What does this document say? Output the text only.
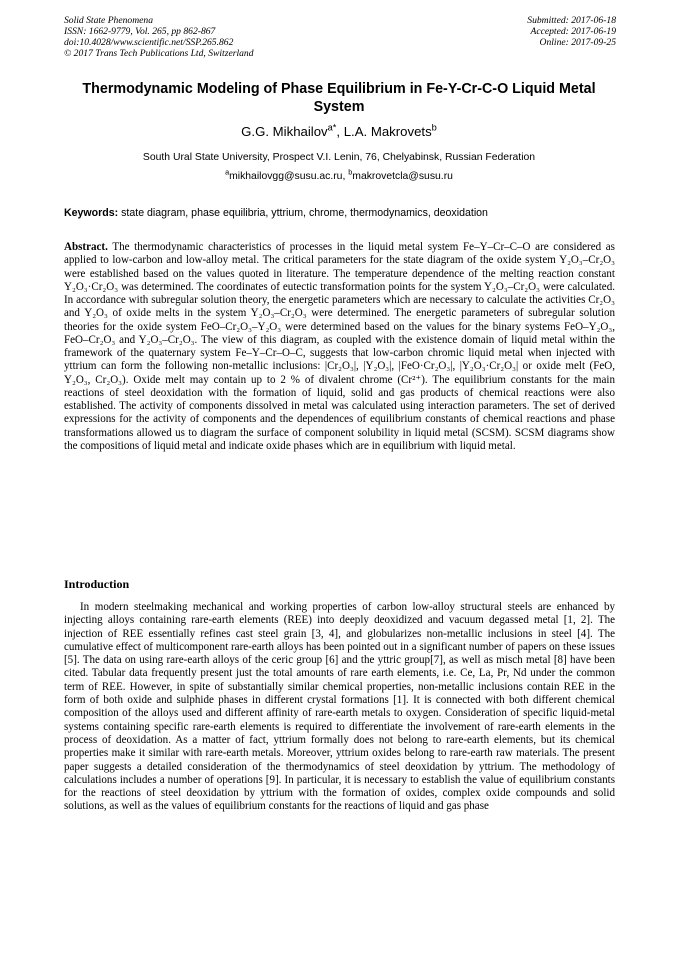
Solid State Phenomena
ISSN: 1662-9779, Vol. 265, pp 862-867
doi:10.4028/www.scientific.net/SSP.265.862
© 2017 Trans Tech Publications Ltd, Switzerland
Submitted: 2017-06-18
Accepted: 2017-06-19
Online: 2017-09-25
Thermodynamic Modeling of Phase Equilibrium in Fe-Y-Cr-C-O Liquid Metal System
G.G. Mikhailov$^{a*}$, L.A. Makrovets$^b$
South Ural State University, Prospect V.I. Lenin, 76, Chelyabinsk, Russian Federation
$^a$mikhailovgg@susu.ac.ru, $^b$makrovetcla@susu.ru
Keywords: state diagram, phase equilibria, yttrium, chrome, thermodynamics, deoxidation

Abstract. The thermodynamic characteristics of processes in the liquid metal system Fe–Y–Cr–C–O are considered as applied to low-carbon and low-alloy metal. The critical parameters for the state diagram of the oxide system Y₂O₃–Cr₂O₃ were established based on the values quoted in literature. The temperature dependence of the melting reaction constant Y₂O₃·Cr₂O₃ was determined. The coordinates of eutectic transformation points for the system Y₂O₃–Cr₂O₃ were calculated. In accordance with subregular solution theory, the energetic parameters which are necessary to calculate the activities Cr₂O₃ and Y₂O₃ of oxide melts in the system Y₂O₃–Cr₂O₃ were determined. The energetic parameters of subregular solution theories for the oxide system FeO–Cr₂O₃–Y₂O₃ were determined based on the values for the binary systems FeO–Y₂O₃, FeO–Cr₂O₃ and Y₂O₃–Cr₂O₃. The view of this diagram, as coupled with the existence domain of liquid metal within the framework of the quaternary system Fe–Y–Cr–O–C, suggests that low-carbon chromic liquid metal when injected with yttrium can form the following non-metallic inclusions: |Cr₂O₃|, |Y₂O₃|, |FeO·Cr₂O₃|, |Y₂O₃·Cr₂O₃| or oxide melt (FeO, Y₂O₃, Cr₂O₃). Oxide melt may contain up to 2 % of divalent chrome (Cr²⁺). The equilibrium constants for the main reactions of steel deoxidation with the formation of liquid, solid and gas products of chemical reactions were also established. The activity of components dissolved in metal was calculated using interaction parameters. The set of derived expressions for the activity of components and the dependences of equilibrium constants of chemical reactions and phase transformations allowed us to diagram the surface of component solubility in liquid metal (SCSM). SCSM diagrams show the compositions of liquid metal and indicate oxide phases which are in equilibrium with liquid metal.

Introduction

In modern steelmaking mechanical and working properties of carbon low-alloy structural steels are enhanced by injecting alloys containing rare-earth elements (REE) into deeply deoxidized and vacuum degassed metal [1, 2]. The injection of REE essentially refines cast steel grain [3, 4], and globularizes non-metallic inclusions in steel [4]. The cumulative effect of multicomponent rare-earth alloys has been pointed out in a significant number of papers on these issues [5]. The data on using rare-earth alloys of the ceric group [6] and the yttric group[7], as well as misch metal [8] have been cited. Tabular data frequently present just the total amounts of rare earth elements, i.e. Ce, La, Pr, Nd under the common term of REE. However, in spite of substantially similar chemical properties, non-metallic inclusions contain REE in the form of both oxide and sulphide phases in different crystal formations [1]. It is connected with both different chemical composition of the alloys used and different affinity of rare-earth metals to oxygen. Consideration of specific liquid-metal systems containing specific rare-earth elements is required to differentiate the involvement of rare-earth elements in the process of deoxidation. As a matter of fact, yttrium formally does not belong to rare-earth elements, but its chemical properties make it similar with rare-earth metals. Moreover, yttrium oxides belong to rare-earth raw materials. The present paper suggests a detailed consideration of the thermodynamics of steel deoxidation by yttrium. The methodology of calculations includes a number of operations [9]. In particular, it is necessary to establish the value of equilibrium constants for the reactions of steel deoxidation by yttrium with the formation of oxides, complex oxide compounds and solid solutions, as well as the values of equilibrium constants for the reactions of liquid and gas phase
